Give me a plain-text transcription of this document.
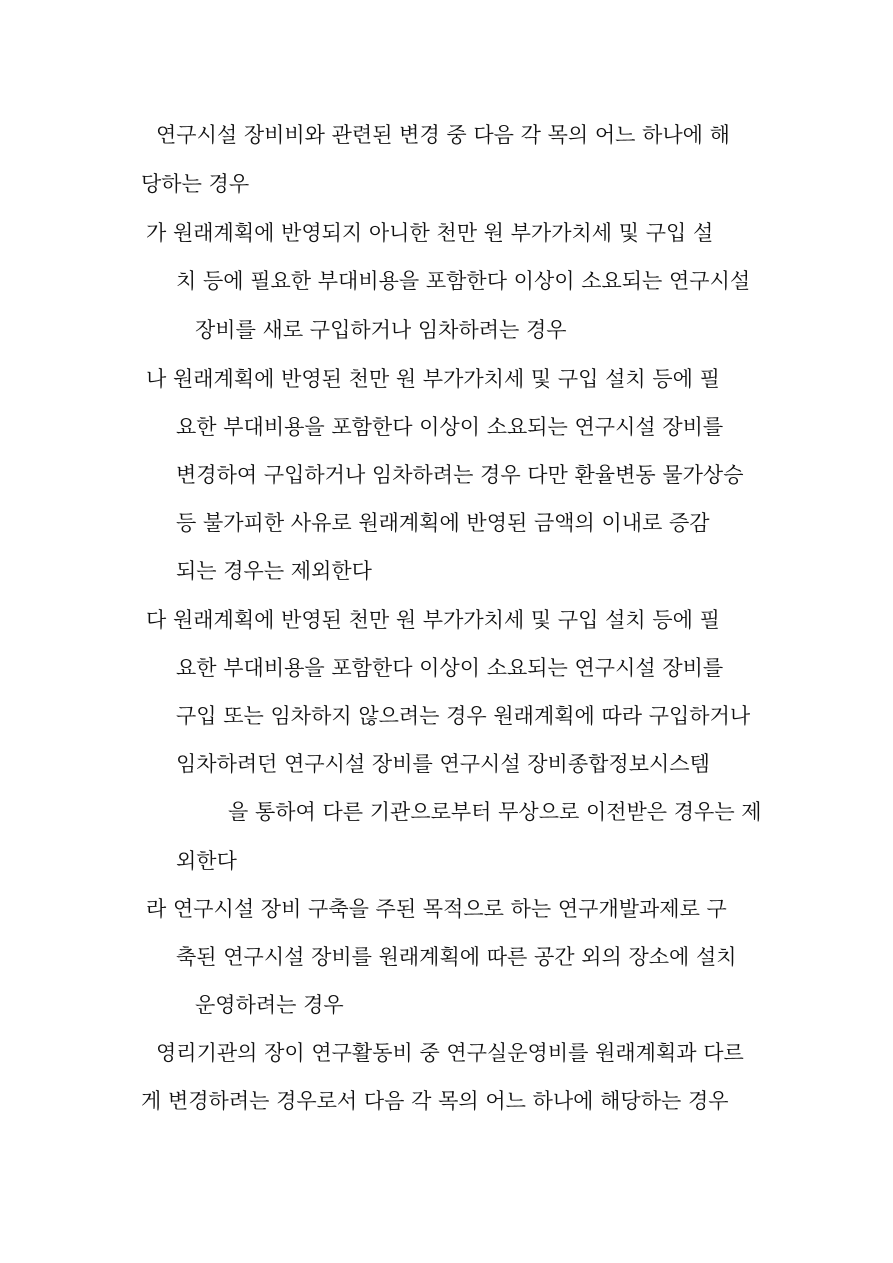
연구시설 장비비와 관련된 변경 중 다음 각 목의 어느 하나에 해
당하는 경우
가 원래계획에 반영되지 아니한 천만 원 부가가치세 및 구입 설
치 등에 필요한 부대비용을 포함한다 이상이 소요되는 연구시설
장비를 새로 구입하거나 임차하려는 경우
나 원래계획에 반영된 천만 원 부가가치세 및 구입 설치 등에 필
요한 부대비용을 포함한다 이상이 소요되는 연구시설 장비를
변경하여 구입하거나 임차하려는 경우 다만 환율변동 물가상승
등 불가피한 사유로 원래계획에 반영된 금액의 이내로 증감
되는 경우는 제외한다
다 원래계획에 반영된 천만 원 부가가치세 및 구입 설치 등에 필
요한 부대비용을 포함한다 이상이 소요되는 연구시설 장비를
구입 또는 임차하지 않으려는 경우 원래계획에 따라 구입하거나
임차하려던 연구시설 장비를 연구시설 장비종합정보시스템
을 통하여 다른 기관으로부터 무상으로 이전받은 경우는 제
외한다
라 연구시설 장비 구축을 주된 목적으로 하는 연구개발과제로 구
축된 연구시설 장비를 원래계획에 따른 공간 외의 장소에 설치
운영하려는 경우
영리기관의 장이 연구활동비 중 연구실운영비를 원래계획과 다르
게 변경하려는 경우로서 다음 각 목의 어느 하나에 해당하는 경우
